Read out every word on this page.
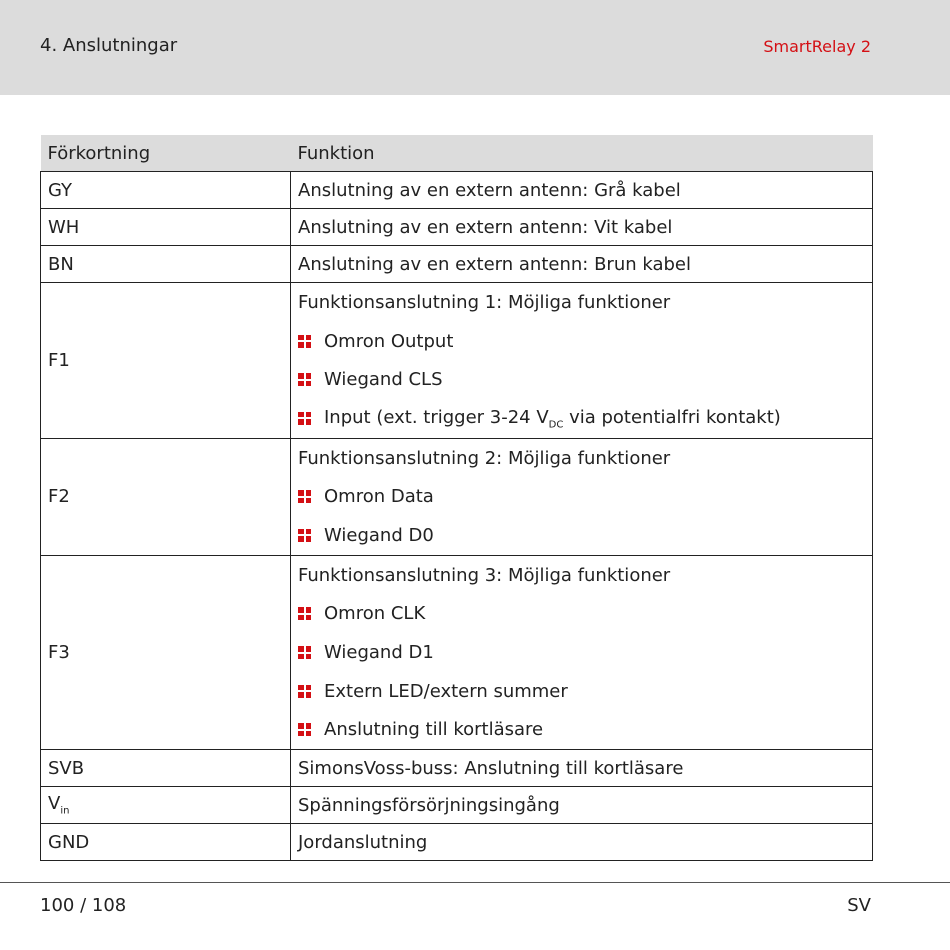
4. Anslutningar	SmartRelay 2
Förkortning	Funktion
GY	Anslutning av en extern antenn: Grå kabel
WH	Anslutning av en extern antenn: Vit kabel
BN	Anslutning av en extern antenn: Brun kabel
F1	Funktionsanslutning 1: Möjliga funktioner
Omron Output
Wiegand CLS
Input (ext. trigger 3-24 $V_{DC}$ via potentialfri kontakt)

F2	Funktionsanslutning 2: Möjliga funktioner
Omron Data
Wiegand D0

F3	Funktionsanslutning 3: Möjliga funktioner
Omron CLK
Wiegand D1
Extern LED/extern summer
Anslutning till kortläsare

SVB	SimonsVoss-buss: Anslutning till kortläsare
$V_{in}$	Spänningsförsörjningsingång
GND	Jordanslutning
100 / 108	SV
